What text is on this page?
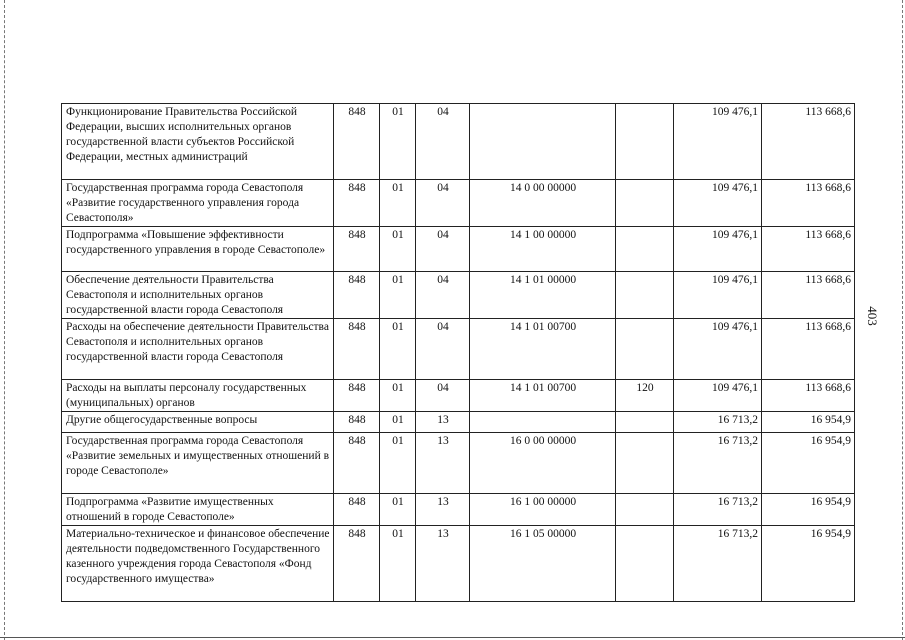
403
Функционирование Правительства Российской Федерации, высших исполнительных органов государственной власти субъектов Российской Федерации, местных администраций	848	01	04			109 476,1	113 668,6
Государственная программа города Севастополя «Развитие государственного управления города Севастополя»	848	01	04	14 0 00 00000		109 476,1	113 668,6
Подпрограмма «Повышение эффективности государственного управления в городе Севастополе»	848	01	04	14 1 00 00000		109 476,1	113 668,6
Обеспечение деятельности Правительства Севастополя и исполнительных органов государственной власти города Севастополя	848	01	04	14 1 01 00000		109 476,1	113 668,6
Расходы на обеспечение деятельности Правительства Севастополя и исполнительных органов государственной власти города Севастополя	848	01	04	14 1 01 00700		109 476,1	113 668,6
Расходы на выплаты персоналу государственных (муниципальных) органов	848	01	04	14 1 01 00700	120	109 476,1	113 668,6
Другие общегосударственные вопросы	848	01	13			16 713,2	16 954,9
Государственная программа города Севастополя «Развитие земельных и имущественных отношений в городе Севастополе»	848	01	13	16 0 00 00000		16 713,2	16 954,9
Подпрограмма «Развитие имущественных отношений в городе Севастополе»	848	01	13	16 1 00 00000		16 713,2	16 954,9
Материально-техническое и финансовое обеспечение деятельности подведомственного Государственного казенного учреждения города Севастополя «Фонд государственного имущества»	848	01	13	16 1 05 00000		16 713,2	16 954,9
